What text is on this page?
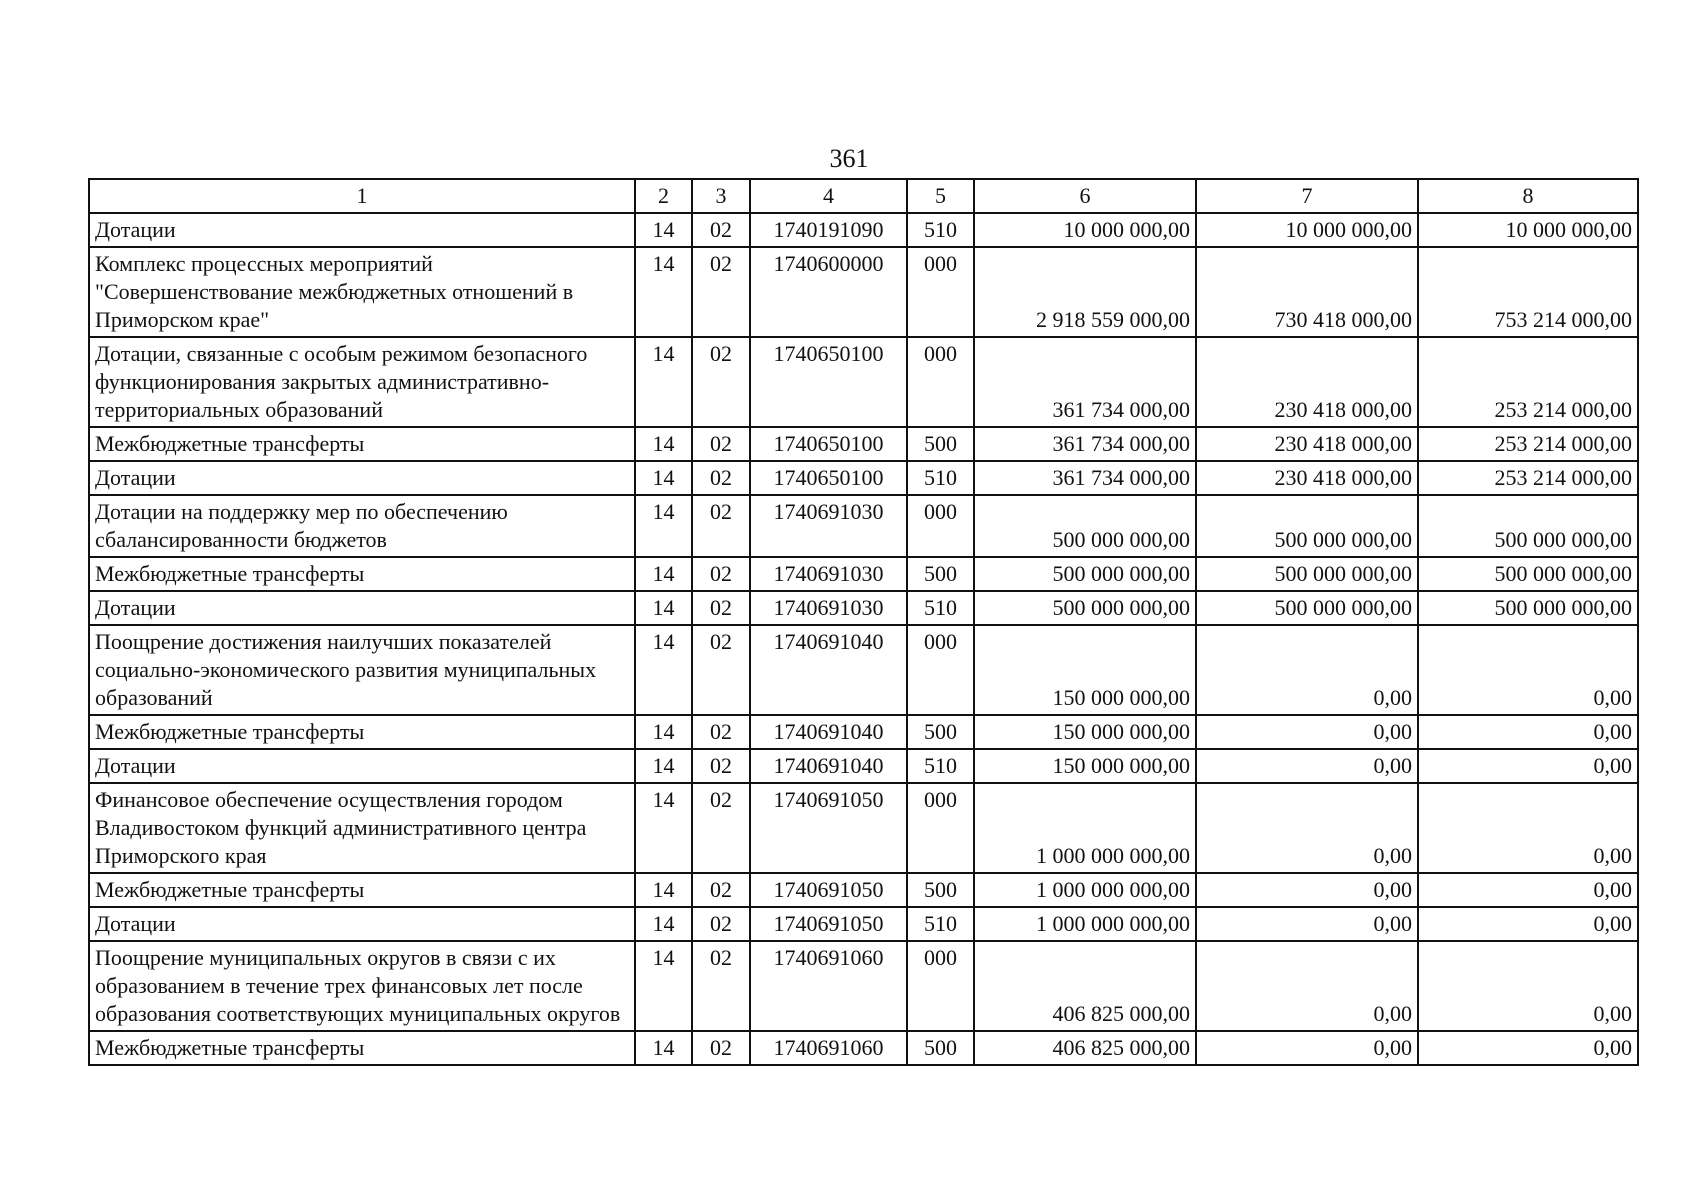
361
1	2	3	4	5	6	7	8
Дотации	14	02	1740191090	510	10 000 000,00	10 000 000,00	10 000 000,00
Комплекс процессных мероприятий "Совершенствование межбюджетных отношений в Приморском крае"	14	02	1740600000	000	2 918 559 000,00	730 418 000,00	753 214 000,00
Дотации, связанные с особым режимом безопасного функционирования закрытых административно-территориальных образований	14	02	1740650100	000	361 734 000,00	230 418 000,00	253 214 000,00
Межбюджетные трансферты	14	02	1740650100	500	361 734 000,00	230 418 000,00	253 214 000,00
Дотации	14	02	1740650100	510	361 734 000,00	230 418 000,00	253 214 000,00
Дотации на поддержку мер по обеспечению сбалансированности бюджетов	14	02	1740691030	000	500 000 000,00	500 000 000,00	500 000 000,00
Межбюджетные трансферты	14	02	1740691030	500	500 000 000,00	500 000 000,00	500 000 000,00
Дотации	14	02	1740691030	510	500 000 000,00	500 000 000,00	500 000 000,00
Поощрение достижения наилучших показателей социально-экономического развития муниципальных образований	14	02	1740691040	000	150 000 000,00	0,00	0,00
Межбюджетные трансферты	14	02	1740691040	500	150 000 000,00	0,00	0,00
Дотации	14	02	1740691040	510	150 000 000,00	0,00	0,00
Финансовое обеспечение осуществления городом Владивостоком функций административного центра Приморского края	14	02	1740691050	000	1 000 000 000,00	0,00	0,00
Межбюджетные трансферты	14	02	1740691050	500	1 000 000 000,00	0,00	0,00
Дотации	14	02	1740691050	510	1 000 000 000,00	0,00	0,00
Поощрение муниципальных округов в связи с их образованием в течение трех финансовых лет после образования соответствующих муниципальных округов	14	02	1740691060	000	406 825 000,00	0,00	0,00
Межбюджетные трансферты	14	02	1740691060	500	406 825 000,00	0,00	0,00
